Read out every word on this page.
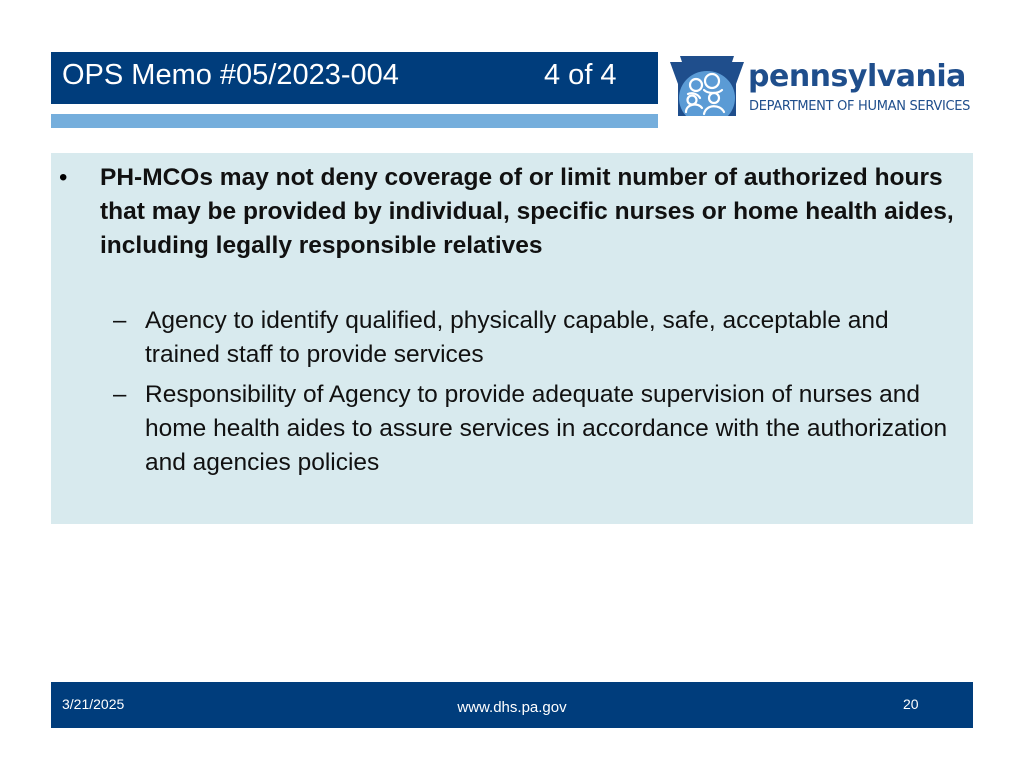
OPS Memo #05/2023-004	4 of 4	pennsylvania
DEPARTMENT OF HUMAN SERVICES
• PH-MCOs may not deny coverage of or limit number of authorized hours that may be provided by individual, specific nurses or home health aides, including legally responsible relatives
– Agency to identify qualified, physically capable, safe, acceptable and trained staff to provide services
– Responsibility of Agency to provide adequate supervision of nurses and home health aides to assure services in accordance with the authorization and agencies policies
3/21/2025	www.dhs.pa.gov	20
